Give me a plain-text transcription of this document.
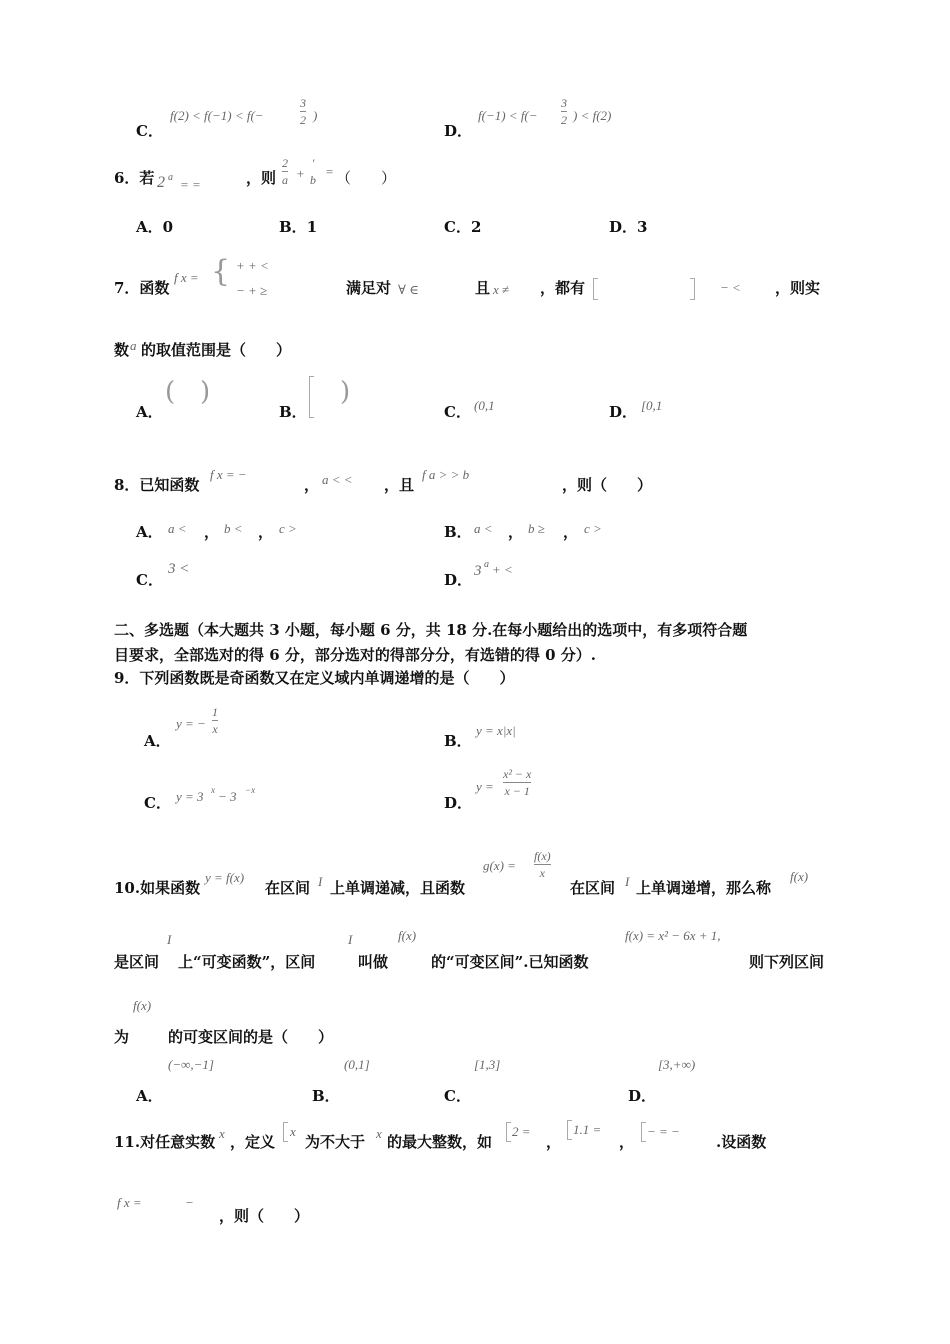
C．
f(2) < f(−1) < f(−
3
2 )
D．
f(−1) < f(−
3
2 ) < f(2)
6．若 2 a = =	，则
2
a +
'
b
= （　　）
A．0	B．1	C．2	D．3
7．函数
f x = { + + <
− + ≥	满足对 ∀ ∈	且 x ≠ ，都有	− < ，则实
数 a 的取值范围是（　　）
A．
( )
B．
)
C． (0,1	D． [0,1
8．已知函数
f x = −
， a < < ，且
f a > > b
，则（　　）
A． a < ， b < ， c >	B． a < ， b ≥ ， c >
C．
3 <
D． 3 a + <
二、多选题（本大题共 3 小题，每小题 6 分，共 18 分.在每小题给出的选项中，有多项符合题
目要求，全部选对的得 6 分，部分选对的得部分分，有选错的得 0 分）.
9．下列函数既是奇函数又在定义域内单调递增的是（　　）
A．
y = −
1
x
B．
y = x|x|
C． y = 3 x − 3 −x
D．
y =
x² − x
x − 1
10.如果函数
y = f(x)
在区间 I 上单调递减，且函数
g(x) =
f(x)
x
在区间 I 上单调递增，那么称
f(x)
I	I	f(x)	f(x) = x² − 6x + 1,
是区间 上“可变函数”，区间	叫做	的“可变区间”.已知函数	则下列区间
f(x)
为	的可变区间的是（　　）
(−∞,−1]	(0,1]	[1,3]	[3,+∞)
A．	B．	C．	D．
11.对任意实数 x ，定义
x
为不大于 x 的最大整数，如
2 =
，
1.1 =
，
− = −
.设函数
f x =	−
，则（　　）
